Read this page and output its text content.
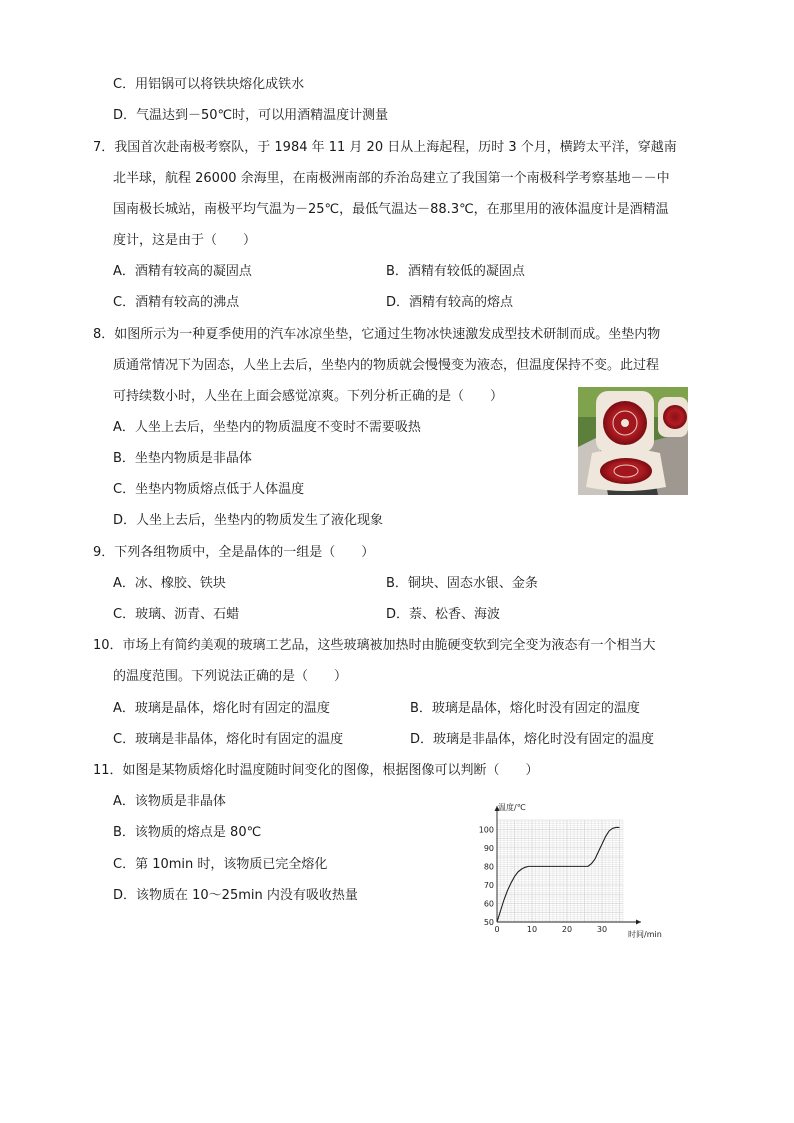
C．用铝锅可以将铁块熔化成铁水
D．气温达到－50℃时，可以用酒精温度计测量
7．我国首次赴南极考察队，于 1984 年 11 月 20 日从上海起程，历时 3 个月，横跨太平洋，穿越南
北半球，航程 26000 余海里，在南极洲南部的乔治岛建立了我国第一个南极科学考察基地－－中
国南极长城站，南极平均气温为－25℃，最低气温达－88.3℃，在那里用的液体温度计是酒精温
度计，这是由于（　　）
A．酒精有较高的凝固点	B．酒精有较低的凝固点
C．酒精有较高的沸点	D．酒精有较高的熔点
8．如图所示为一种夏季使用的汽车冰凉坐垫，它通过生物冰快速激发成型技术研制而成。坐垫内物
质通常情况下为固态，人坐上去后，坐垫内的物质就会慢慢变为液态，但温度保持不变。此过程
可持续数小时，人坐在上面会感觉凉爽。下列分析正确的是（　　）
A．人坐上去后，坐垫内的物质温度不变时不需要吸热
B．坐垫内物质是非晶体
C．坐垫内物质熔点低于人体温度
D．人坐上去后，坐垫内的物质发生了液化现象
9．下列各组物质中，全是晶体的一组是（　　）
A．冰、橡胶、铁块	B．铜块、固态水银、金条
C．玻璃、沥青、石蜡	D．萘、松香、海波
10．市场上有简约美观的玻璃工艺品，这些玻璃被加热时由脆硬变软到完全变为液态有一个相当大
的温度范围。下列说法正确的是（　　）
A．玻璃是晶体，熔化时有固定的温度	B．玻璃是晶体，熔化时没有固定的温度
C．玻璃是非晶体，熔化时有固定的温度	D．玻璃是非晶体，熔化时没有固定的温度
11．如图是某物质熔化时温度随时间变化的图像，根据图像可以判断（　　）
A．该物质是非晶体
B．该物质的熔点是 80℃
C．第 10min 时，该物质已完全熔化
D．该物质在 10～25min 内没有吸收热量
0	10	20	30
50
60
70
80
90
100
温度/℃
时间/min
